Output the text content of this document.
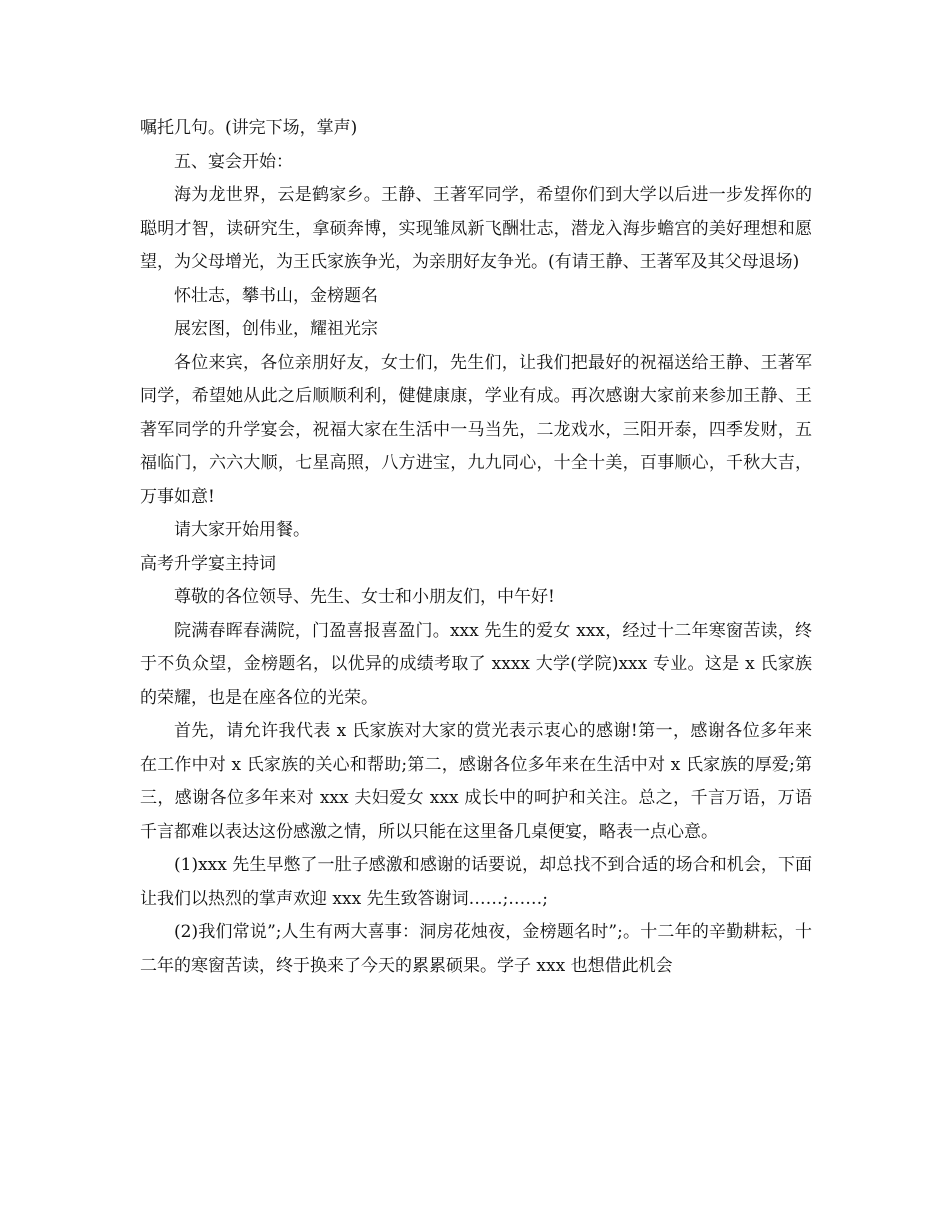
嘱托几句。(讲完下场，掌声)

五、宴会开始：

海为龙世界，云是鹤家乡。王静、王著军同学，希望你们到大学以后进一步发挥你的聪明才智，读研究生，拿硕奔博，实现雏凤新飞酬壮志，潜龙入海步蟾宫的美好理想和愿望，为父母增光，为王氏家族争光，为亲朋好友争光。(有请王静、王著军及其父母退场)

怀壮志，攀书山，金榜题名

展宏图，创伟业，耀祖光宗

各位来宾，各位亲朋好友，女士们，先生们，让我们把最好的祝福送给王静、王著军同学，希望她从此之后顺顺利利，健健康康，学业有成。再次感谢大家前来参加王静、王著军同学的升学宴会，祝福大家在生活中一马当先，二龙戏水，三阳开泰，四季发财，五福临门，六六大顺，七星高照，八方进宝，九九同心，十全十美，百事顺心，千秋大吉，万事如意!

请大家开始用餐。

高考升学宴主持词

尊敬的各位领导、先生、女士和小朋友们，中午好!

院满春晖春满院，门盈喜报喜盈门。xxx 先生的爱女 xxx，经过十二年寒窗苦读，终于不负众望，金榜题名，以优异的成绩考取了 xxxx 大学(学院)xxx 专业。这是 x 氏家族的荣耀，也是在座各位的光荣。

首先，请允许我代表 x 氏家族对大家的赏光表示衷心的感谢!第一，感谢各位多年来在工作中对 x 氏家族的关心和帮助;第二，感谢各位多年来在生活中对 x 氏家族的厚爱;第三，感谢各位多年来对 xxx 夫妇爱女 xxx 成长中的呵护和关注。总之，千言万语，万语千言都难以表达这份感激之情，所以只能在这里备几桌便宴，略表一点心意。

(1)xxx 先生早憋了一肚子感激和感谢的话要说，却总找不到合适的场合和机会，下面让我们以热烈的掌声欢迎 xxx 先生致答谢词……;……;

(2)我们常说”;人生有两大喜事：洞房花烛夜，金榜题名时”;。十二年的辛勤耕耘，十二年的寒窗苦读，终于换来了今天的累累硕果。学子 xxx 也想借此机会
